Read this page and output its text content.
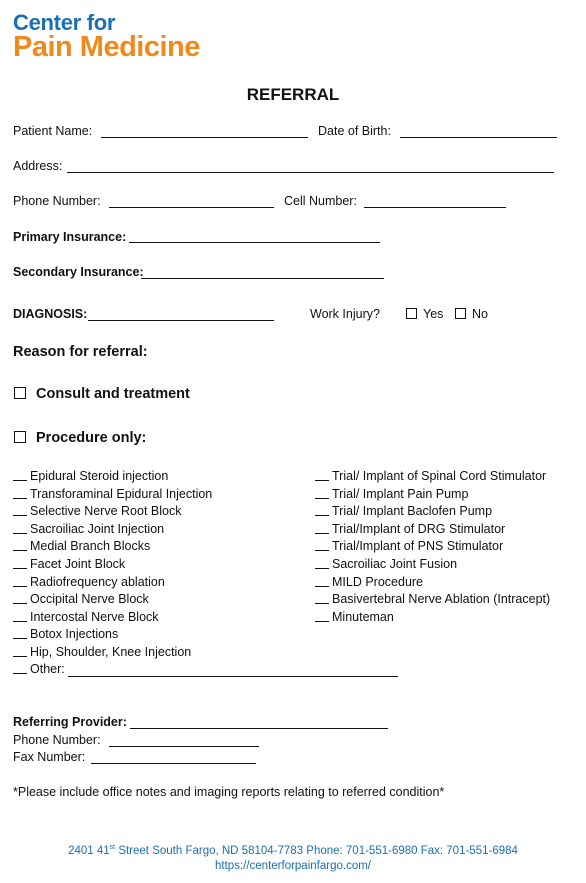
Center for
Pain Medicine
REFERRAL
Patient Name:	Date of Birth:
Address:
Phone Number:	Cell Number:
Primary Insurance:
Secondary Insurance:
DIAGNOSIS:	Work Injury?	Yes	No
Reason for referral:
Consult and treatment
Procedure only:
Epidural Steroid injection
Transforaminal Epidural Injection
Selective Nerve Root Block
Sacroiliac Joint Injection
Medial Branch Blocks
Facet Joint Block
Radiofrequency ablation
Occipital Nerve Block
Intercostal Nerve Block
Botox Injections
Hip, Shoulder, Knee Injection
Trial/ Implant of Spinal Cord Stimulator
Trial/ Implant Pain Pump
Trial/ Implant Baclofen Pump
Trial/Implant of DRG Stimulator
Trial/Implant of PNS Stimulator
Sacroiliac Joint Fusion
MILD Procedure
Basivertebral Nerve Ablation (Intracept)
Minuteman
Other:
Referring Provider:
Phone Number:
Fax Number:
*Please include office notes and imaging reports relating to referred condition*
2401 41st Street South Fargo, ND 58104-7783 Phone: 701-551-6980 Fax: 701-551-6984
https://centerforpainfargo.com/
